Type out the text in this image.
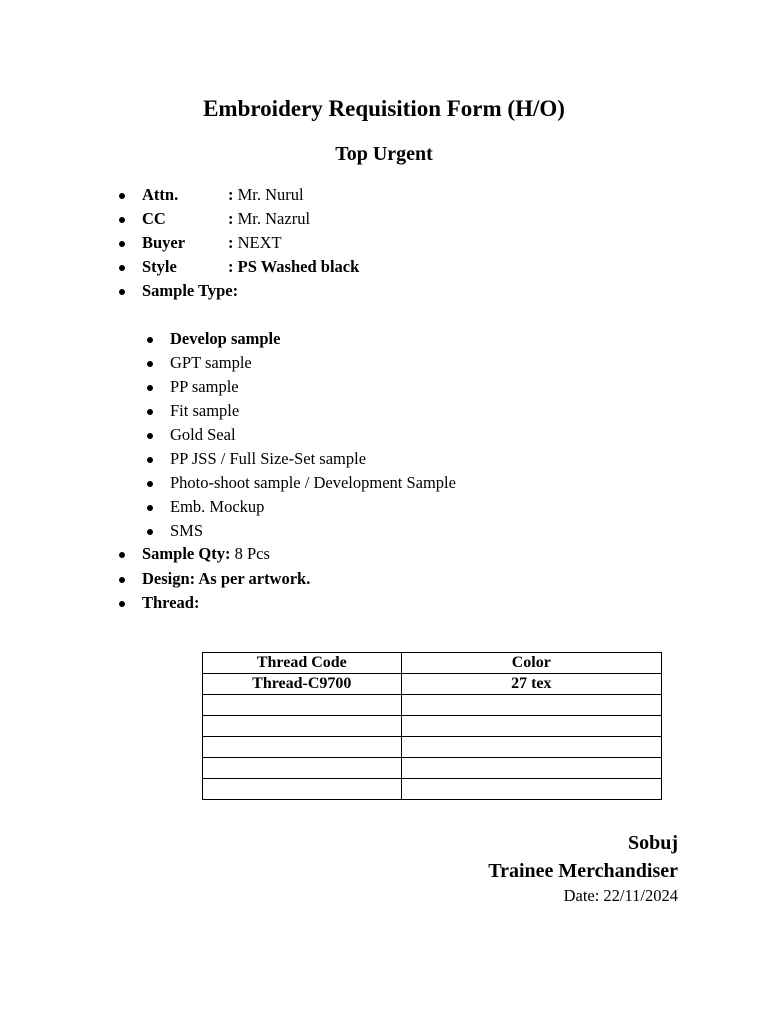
Embroidery Requisition Form (H/O)
Top Urgent
Attn.	: Mr. Nurul
CC	: Mr. Nazrul
Buyer	: NEXT
Style	: PS Washed black
Sample Type:
Develop sample
GPT sample
PP sample
Fit sample
Gold Seal
PP JSS / Full Size-Set sample
Photo-shoot sample / Development Sample
Emb. Mockup
SMS
Sample Qty: 8 Pcs
Design: As per artwork.
Thread:
Thread Code	Color
Thread-C9700	27 tex

Sobuj
Trainee Merchandiser
Date: 22/11/2024
